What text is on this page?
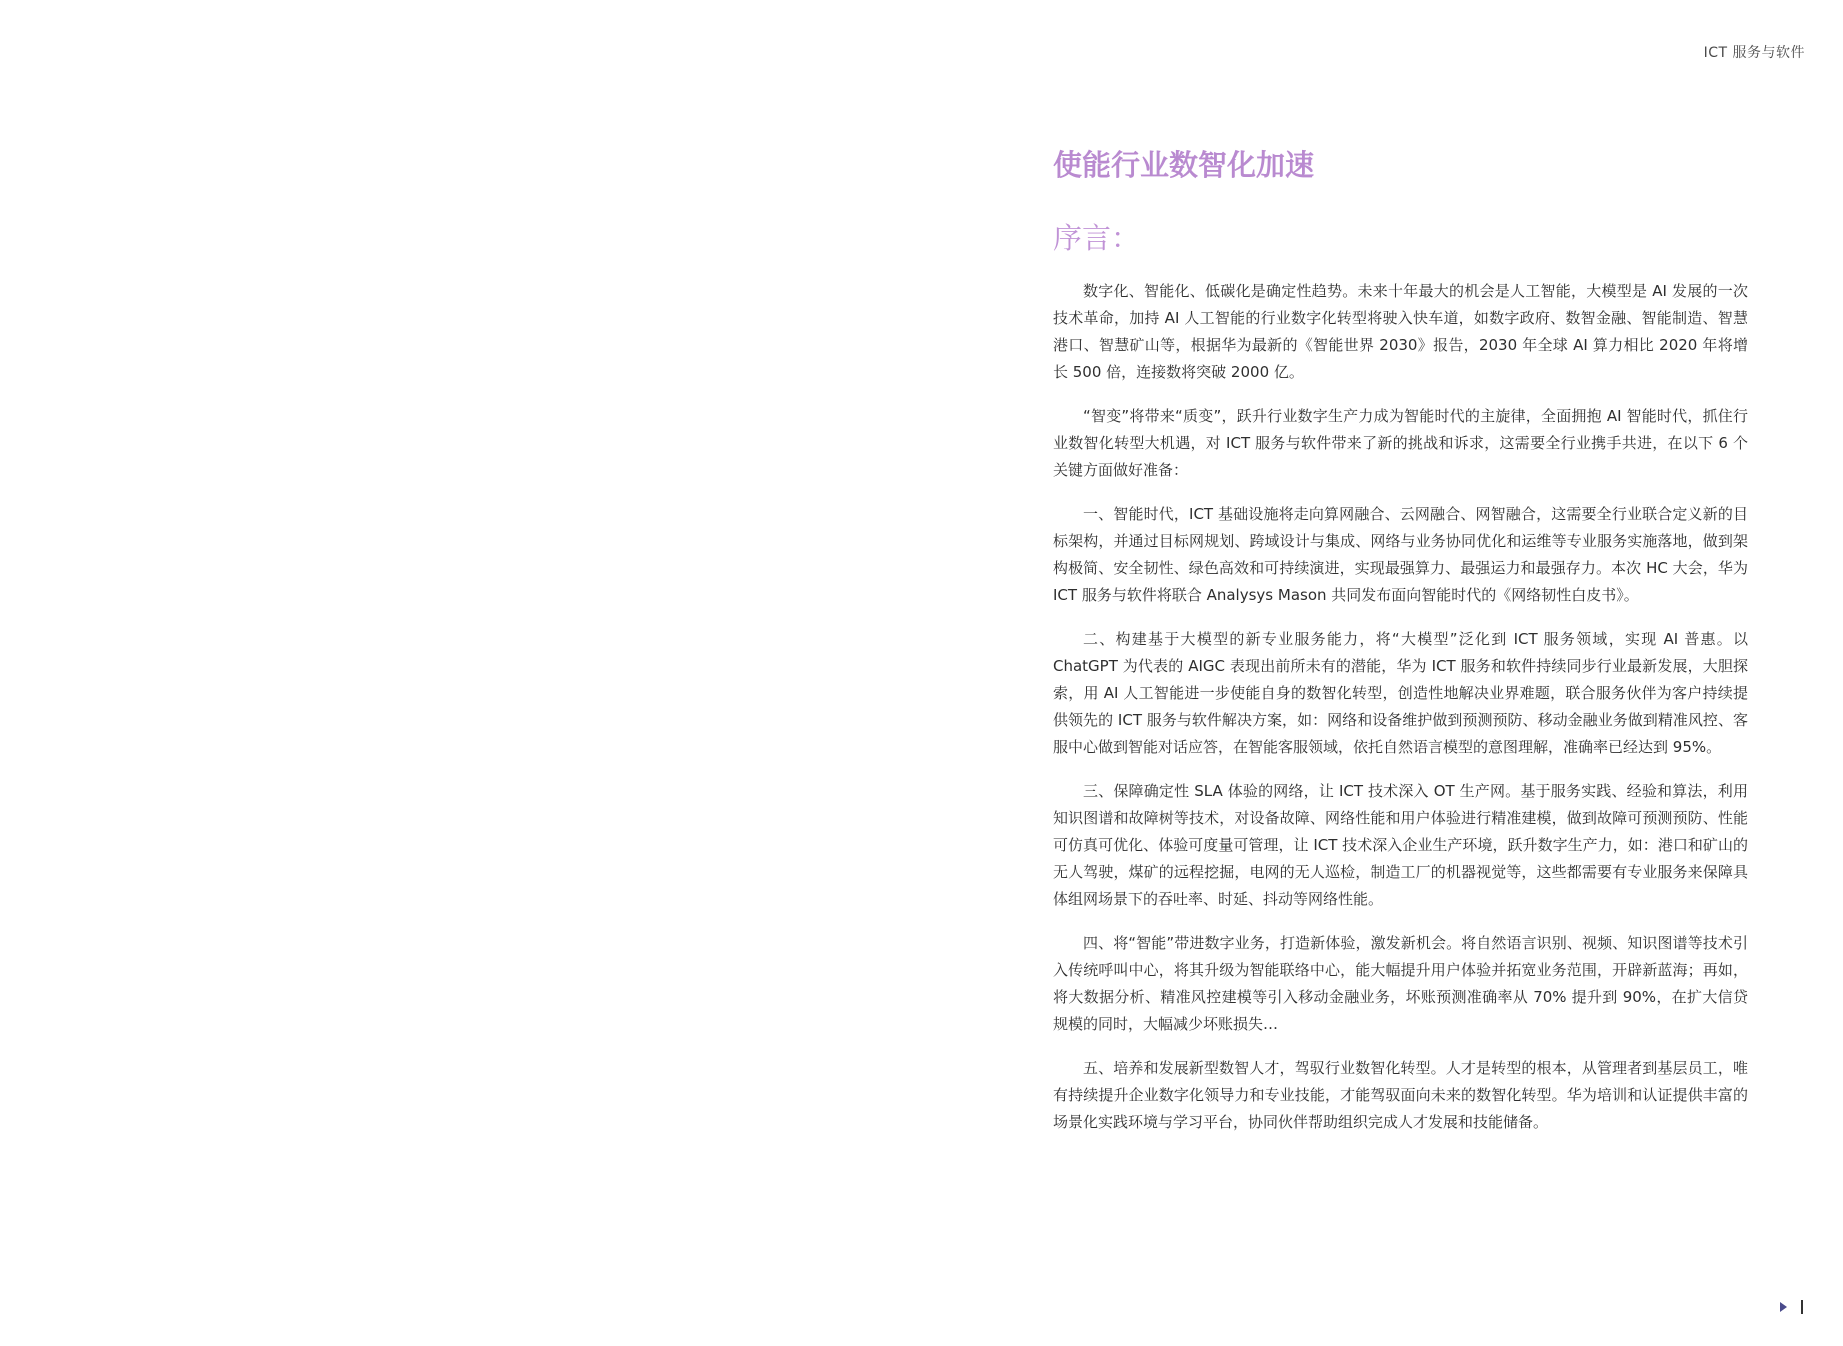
ICT 服务与软件
使能行业数智化加速
序言：

数字化、智能化、低碳化是确定性趋势。未来十年最大的机会是人工智能，大模型是 AI 发展的一次技术革命，加持 AI 人工智能的行业数字化转型将驶入快车道，如数字政府、数智金融、智能制造、智慧港口、智慧矿山等，根据华为最新的《智能世界 2030》报告，2030 年全球 AI 算力相比 2020 年将增长 500 倍，连接数将突破 2000 亿。

“智变”将带来“质变”，跃升行业数字生产力成为智能时代的主旋律，全面拥抱 AI 智能时代，抓住行业数智化转型大机遇，对 ICT 服务与软件带来了新的挑战和诉求，这需要全行业携手共进，在以下 6 个关键方面做好准备：

一、智能时代，ICT 基础设施将走向算网融合、云网融合、网智融合，这需要全行业联合定义新的目标架构，并通过目标网规划、跨域设计与集成、网络与业务协同优化和运维等专业服务实施落地，做到架构极简、安全韧性、绿色高效和可持续演进，实现最强算力、最强运力和最强存力。本次 HC 大会，华为 ICT 服务与软件将联合 Analysys Mason 共同发布面向智能时代的《网络韧性白皮书》。

二、构建基于大模型的新专业服务能力，将“大模型”泛化到 ICT 服务领域，实现 AI 普惠。以 ChatGPT 为代表的 AIGC 表现出前所未有的潜能，华为 ICT 服务和软件持续同步行业最新发展，大胆探索，用 AI 人工智能进一步使能自身的数智化转型，创造性地解决业界难题，联合服务伙伴为客户持续提供领先的 ICT 服务与软件解决方案，如：网络和设备维护做到预测预防、移动金融业务做到精准风控、客服中心做到智能对话应答，在智能客服领域，依托自然语言模型的意图理解，准确率已经达到 95%。

三、保障确定性 SLA 体验的网络，让 ICT 技术深入 OT 生产网。基于服务实践、经验和算法，利用知识图谱和故障树等技术，对设备故障、网络性能和用户体验进行精准建模，做到故障可预测预防、性能可仿真可优化、体验可度量可管理，让 ICT 技术深入企业生产环境，跃升数字生产力，如：港口和矿山的无人驾驶，煤矿的远程挖掘，电网的无人巡检，制造工厂的机器视觉等，这些都需要有专业服务来保障具体组网场景下的吞吐率、时延、抖动等网络性能。

四、将“智能”带进数字业务，打造新体验，激发新机会。将自然语言识别、视频、知识图谱等技术引入传统呼叫中心，将其升级为智能联络中心，能大幅提升用户体验并拓宽业务范围，开辟新蓝海；再如，将大数据分析、精准风控建模等引入移动金融业务，坏账预测准确率从 70% 提升到 90%，在扩大信贷规模的同时，大幅减少坏账损失…

五、培养和发展新型数智人才，驾驭行业数智化转型。人才是转型的根本，从管理者到基层员工，唯有持续提升企业数字化领导力和专业技能，才能驾驭面向未来的数智化转型。华为培训和认证提供丰富的场景化实践环境与学习平台，协同伙伴帮助组织完成人才发展和技能储备。
